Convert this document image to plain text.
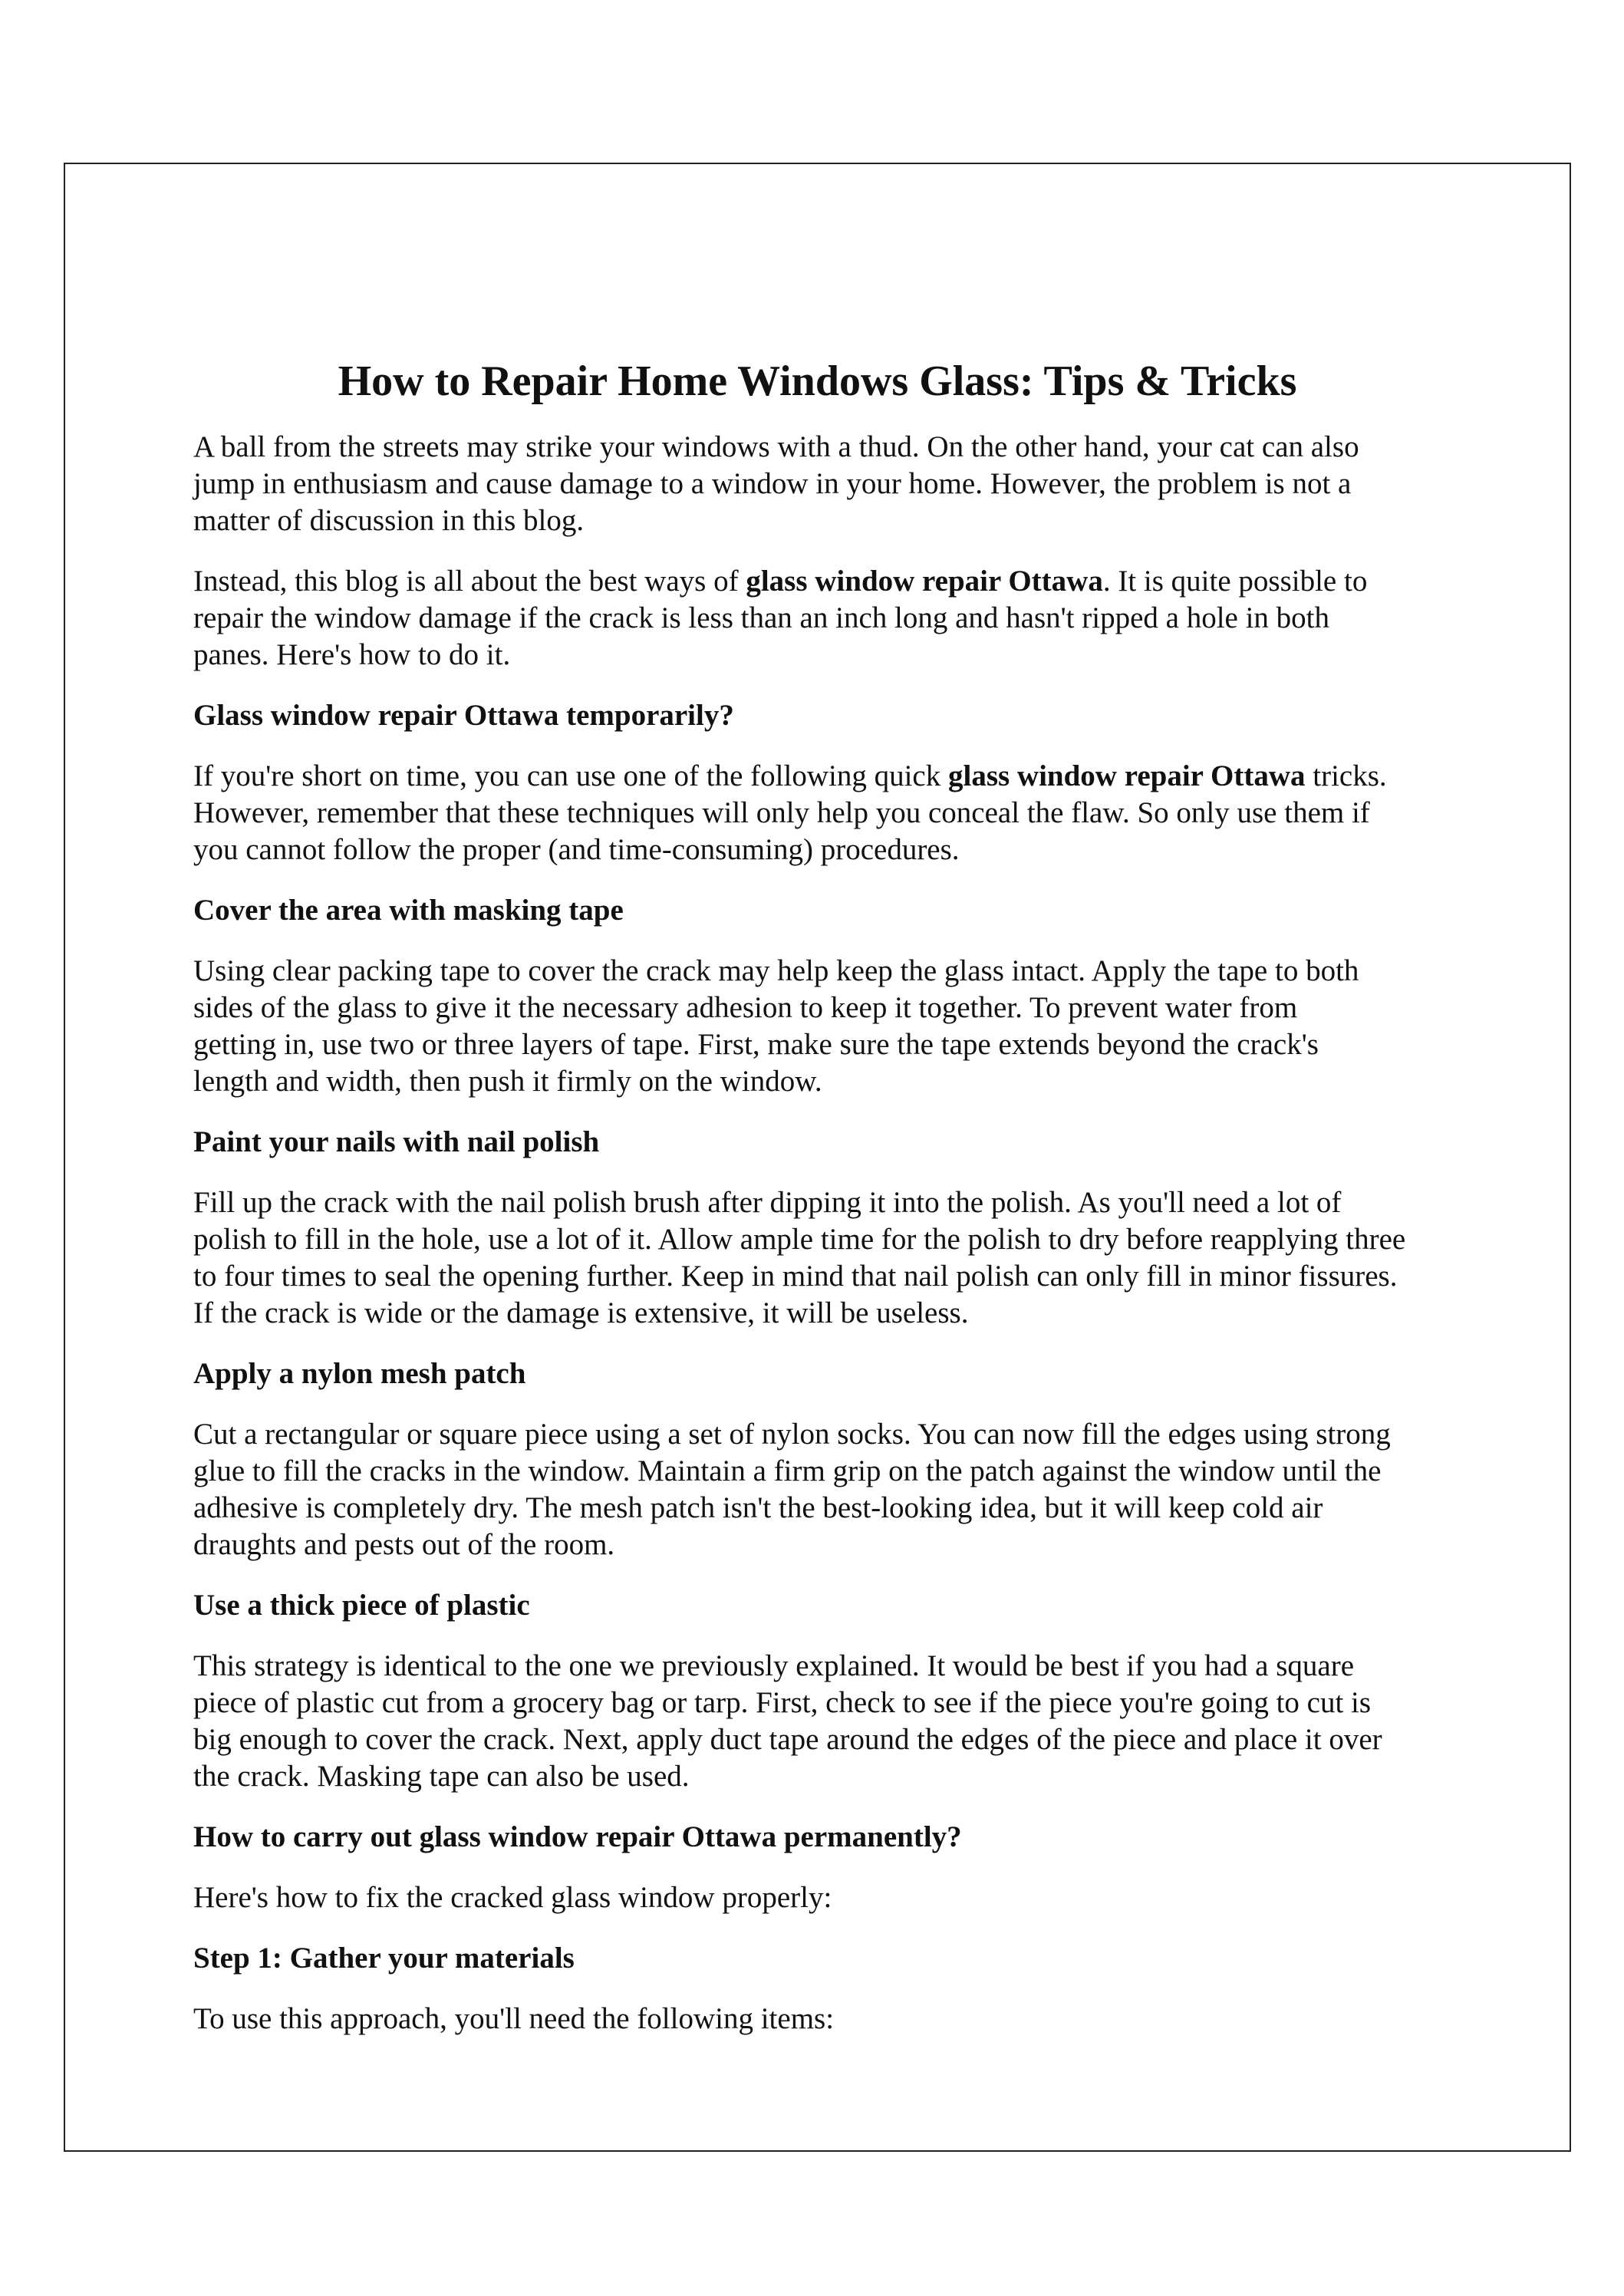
How to Repair Home Windows Glass: Tips & Tricks
A ball from the streets may strike your windows with a thud. On the other hand, your cat can also
jump in enthusiasm and cause damage to a window in your home. However, the problem is not a
matter of discussion in this blog.
Instead, this blog is all about the best ways of glass window repair Ottawa. It is quite possible to
repair the window damage if the crack is less than an inch long and hasn't ripped a hole in both
panes. Here's how to do it.
Glass window repair Ottawa temporarily?
If you're short on time, you can use one of the following quick glass window repair Ottawa tricks.
However, remember that these techniques will only help you conceal the flaw. So only use them if
you cannot follow the proper (and time-consuming) procedures.
Cover the area with masking tape
Using clear packing tape to cover the crack may help keep the glass intact. Apply the tape to both
sides of the glass to give it the necessary adhesion to keep it together. To prevent water from
getting in, use two or three layers of tape. First, make sure the tape extends beyond the crack's
length and width, then push it firmly on the window.
Paint your nails with nail polish
Fill up the crack with the nail polish brush after dipping it into the polish. As you'll need a lot of
polish to fill in the hole, use a lot of it. Allow ample time for the polish to dry before reapplying three
to four times to seal the opening further. Keep in mind that nail polish can only fill in minor fissures.
If the crack is wide or the damage is extensive, it will be useless.
Apply a nylon mesh patch
Cut a rectangular or square piece using a set of nylon socks. You can now fill the edges using strong
glue to fill the cracks in the window. Maintain a firm grip on the patch against the window until the
adhesive is completely dry. The mesh patch isn't the best-looking idea, but it will keep cold air
draughts and pests out of the room.
Use a thick piece of plastic
This strategy is identical to the one we previously explained. It would be best if you had a square
piece of plastic cut from a grocery bag or tarp. First, check to see if the piece you're going to cut is
big enough to cover the crack. Next, apply duct tape around the edges of the piece and place it over
the crack. Masking tape can also be used.
How to carry out glass window repair Ottawa permanently?
Here's how to fix the cracked glass window properly:
Step 1: Gather your materials
To use this approach, you'll need the following items:
